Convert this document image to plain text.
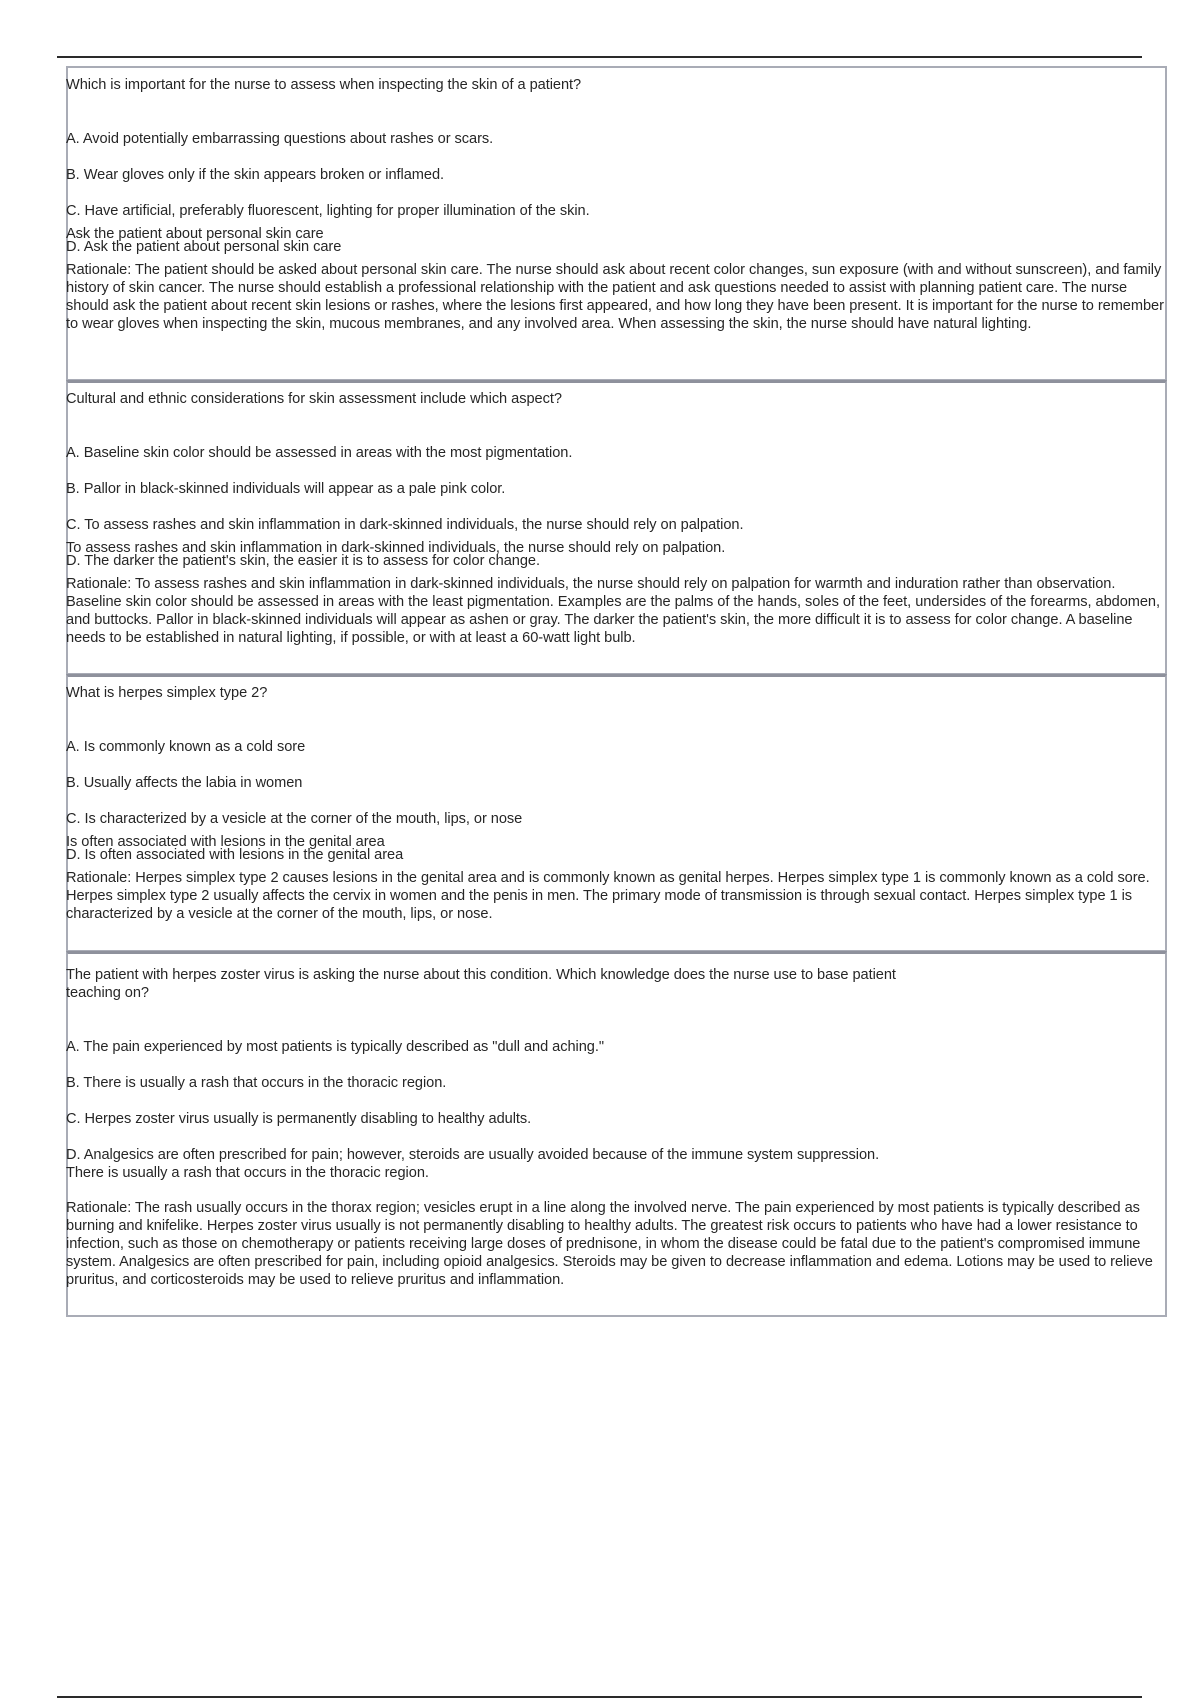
Which is important for the nurse to assess when inspecting the skin of a patient?

A. Avoid potentially embarrassing questions about rashes or scars.

B. Wear gloves only if the skin appears broken or inflamed.

C. Have artificial, preferably fluorescent, lighting for proper illumination of the skin.

D. Ask the patient about personal skin care

Ask the patient about personal skin care
Rationale: The patient should be asked about personal skin care. The nurse should ask about recent color changes, sun exposure (with and without sunscreen), and family history of skin cancer. The nurse should establish a professional relationship with the patient and ask questions needed to assist with planning patient care. The nurse should ask the patient about recent skin lesions or rashes, where the lesions first appeared, and how long they have been present. It is important for the nurse to remember to wear gloves when inspecting the skin, mucous membranes, and any involved area. When assessing the skin, the nurse should have natural lighting.
Cultural and ethnic considerations for skin assessment include which aspect?

A. Baseline skin color should be assessed in areas with the most pigmentation.

B. Pallor in black-skinned individuals will appear as a pale pink color.

C. To assess rashes and skin inflammation in dark-skinned individuals, the nurse should rely on palpation.

D. The darker the patient's skin, the easier it is to assess for color change.

To assess rashes and skin inflammation in dark-skinned individuals, the nurse should rely on palpation.
Rationale: To assess rashes and skin inflammation in dark-skinned individuals, the nurse should rely on palpation for warmth and induration rather than observation. Baseline skin color should be assessed in areas with the least pigmentation. Examples are the palms of the hands, soles of the feet, undersides of the forearms, abdomen, and buttocks. Pallor in black-skinned individuals will appear as ashen or gray. The darker the patient's skin, the more difficult it is to assess for color change. A baseline needs to be established in natural lighting, if possible, or with at least a 60-watt light bulb.
What is herpes simplex type 2?

A. Is commonly known as a cold sore

B. Usually affects the labia in women

C. Is characterized by a vesicle at the corner of the mouth, lips, or nose

D. Is often associated with lesions in the genital area

Is often associated with lesions in the genital area
Rationale: Herpes simplex type 2 causes lesions in the genital area and is commonly known as genital herpes. Herpes simplex type 1 is commonly known as a cold sore. Herpes simplex type 2 usually affects the cervix in women and the penis in men. The primary mode of transmission is through sexual contact. Herpes simplex type 1 is characterized by a vesicle at the corner of the mouth, lips, or nose.
The patient with herpes zoster virus is asking the nurse about this condition. Which knowledge does the nurse use to base patient teaching on?

A. The pain experienced by most patients is typically described as "dull and aching."

B. There is usually a rash that occurs in the thoracic region.

C. Herpes zoster virus usually is permanently disabling to healthy adults.

D. Analgesics are often prescribed for pain; however, steroids are usually avoided because of the immune system suppression.

There is usually a rash that occurs in the thoracic region.
Rationale: The rash usually occurs in the thorax region; vesicles erupt in a line along the involved nerve. The pain experienced by most patients is typically described as burning and knifelike. Herpes zoster virus usually is not permanently disabling to healthy adults. The greatest risk occurs to patients who have had a lower resistance to infection, such as those on chemotherapy or patients receiving large doses of prednisone, in whom the disease could be fatal due to the patient's compromised immune system. Analgesics are often prescribed for pain, including opioid analgesics. Steroids may be given to decrease inflammation and edema. Lotions may be used to relieve pruritus, and corticosteroids may be used to relieve pruritus and inflammation.
